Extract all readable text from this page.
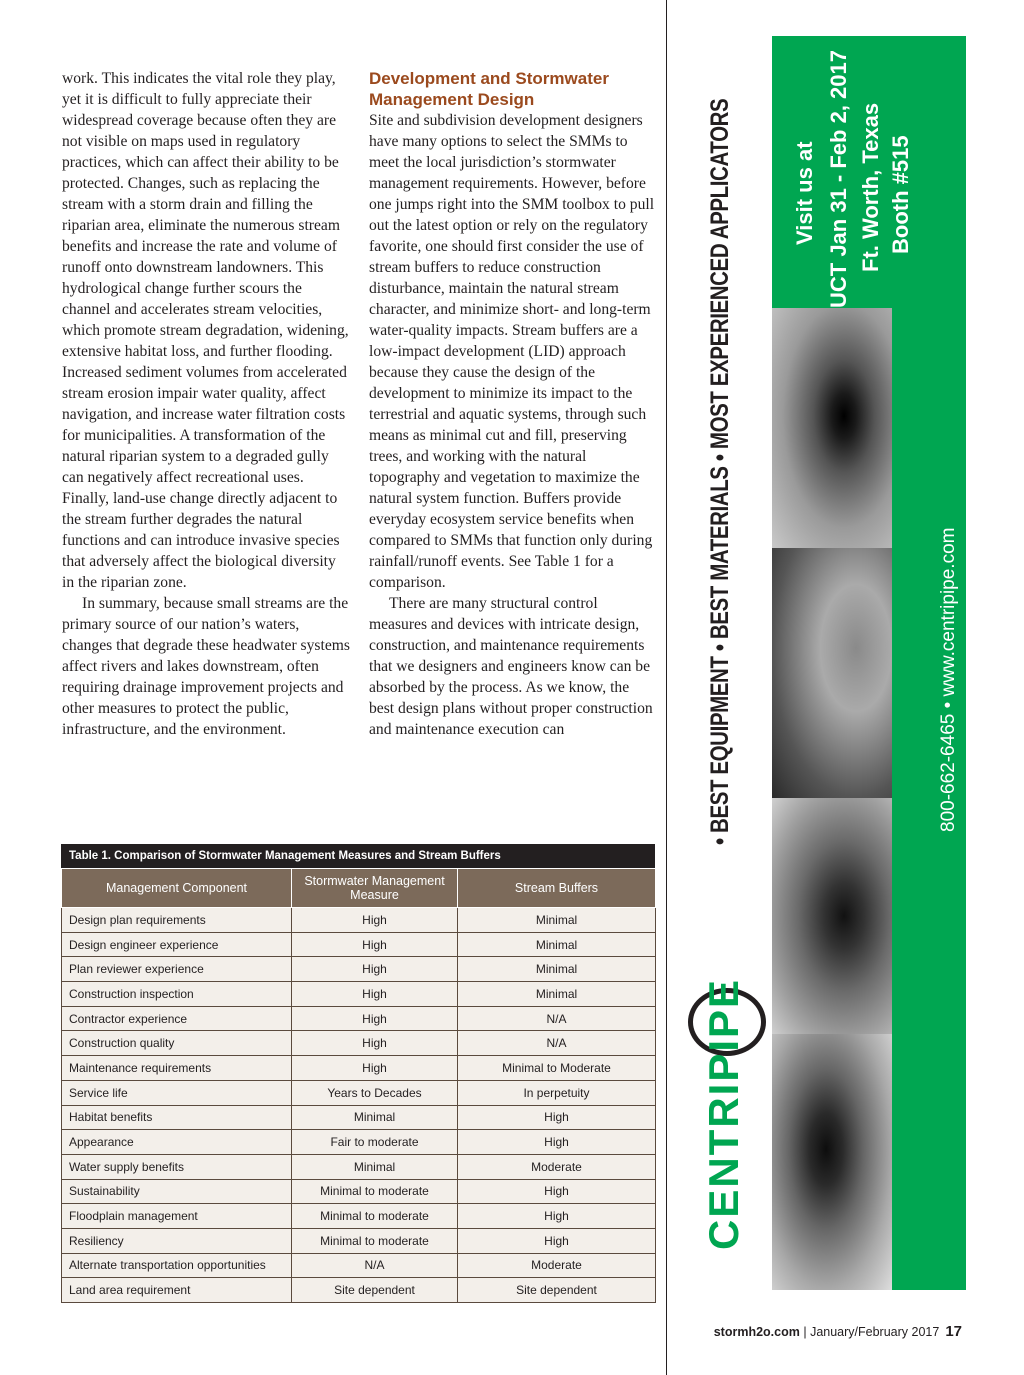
work. This indicates the vital role they play, yet it is difficult to fully appreciate their widespread coverage because often they are not visible on maps used in regulatory practices, which can affect their ability to be protected. Changes, such as replacing the stream with a storm drain and filling the riparian area, eliminate the numerous stream benefits and increase the rate and volume of runoff onto downstream landowners. This hydrological change further scours the channel and accelerates stream velocities, which promote stream degradation, widening, extensive habitat loss, and further flooding. Increased sediment volumes from accelerated stream erosion impair water quality, affect navigation, and increase water filtration costs for municipalities. A transformation of the natural riparian system to a degraded gully can negatively affect recreational uses. Finally, land-use change directly adjacent to the stream further degrades the natural functions and can introduce invasive species that adversely affect the biological diversity in the riparian zone.

In summary, because small streams are the primary source of our nation’s waters, changes that degrade these headwater systems affect rivers and lakes downstream, often requiring drainage improvement projects and other measures to protect the public, infrastructure, and the environment.

Development and Stormwater Management Design

Site and subdivision development designers have many options to select the SMMs to meet the local jurisdiction’s stormwater management requirements. However, before one jumps right into the SMM toolbox to pull out the latest option or rely on the regulatory favorite, one should first consider the use of stream buffers to reduce construction disturbance, maintain the natural stream character, and minimize short- and long-term water-quality impacts. Stream buffers are a low-impact development (LID) approach because they cause the design of the development to minimize its impact to the terrestrial and aquatic systems, through such means as minimal cut and fill, preserving trees, and working with the natural topography and vegetation to maximize the natural system function. Buffers provide everyday ecosystem service benefits when compared to SMMs that function only during rainfall/runoff events. See Table 1 for a comparison.

There are many structural control measures and devices with intricate design, construction, and maintenance requirements that we designers and engineers know can be absorbed by the process. As we know, the best design plans without proper construction and maintenance execution can

Table 1. Comparison of Stormwater Management Measures and Stream Buffers
Management Component	Stormwater Management Measure	Stream Buffers
Design plan requirements	High	Minimal
Design engineer experience	High	Minimal
Plan reviewer experience	High	Minimal
Construction inspection	High	Minimal
Contractor experience	High	N/A
Construction quality	High	N/A
Maintenance requirements	High	Minimal to Moderate
Service life	Years to Decades	In perpetuity
Habitat benefits	Minimal	High
Appearance	Fair to moderate	High
Water supply benefits	Minimal	Moderate
Sustainability	Minimal to moderate	High
Floodplain management	Minimal to moderate	High
Resiliency	Minimal to moderate	High
Alternate transportation opportunities	N/A	Moderate
Land area requirement	Site dependent	Site dependent
• BEST EQUIPMENT • BEST MATERIALS • MOST EXPERIENCED APPLICATORS
CENTRIPIPE
Visit us at UCT Jan 31 - Feb 2, 2017 Ft. Worth, Texas Booth #515
800-662-6465 • www.centripipe.com
stormh2o.com | January/February 2017 17
